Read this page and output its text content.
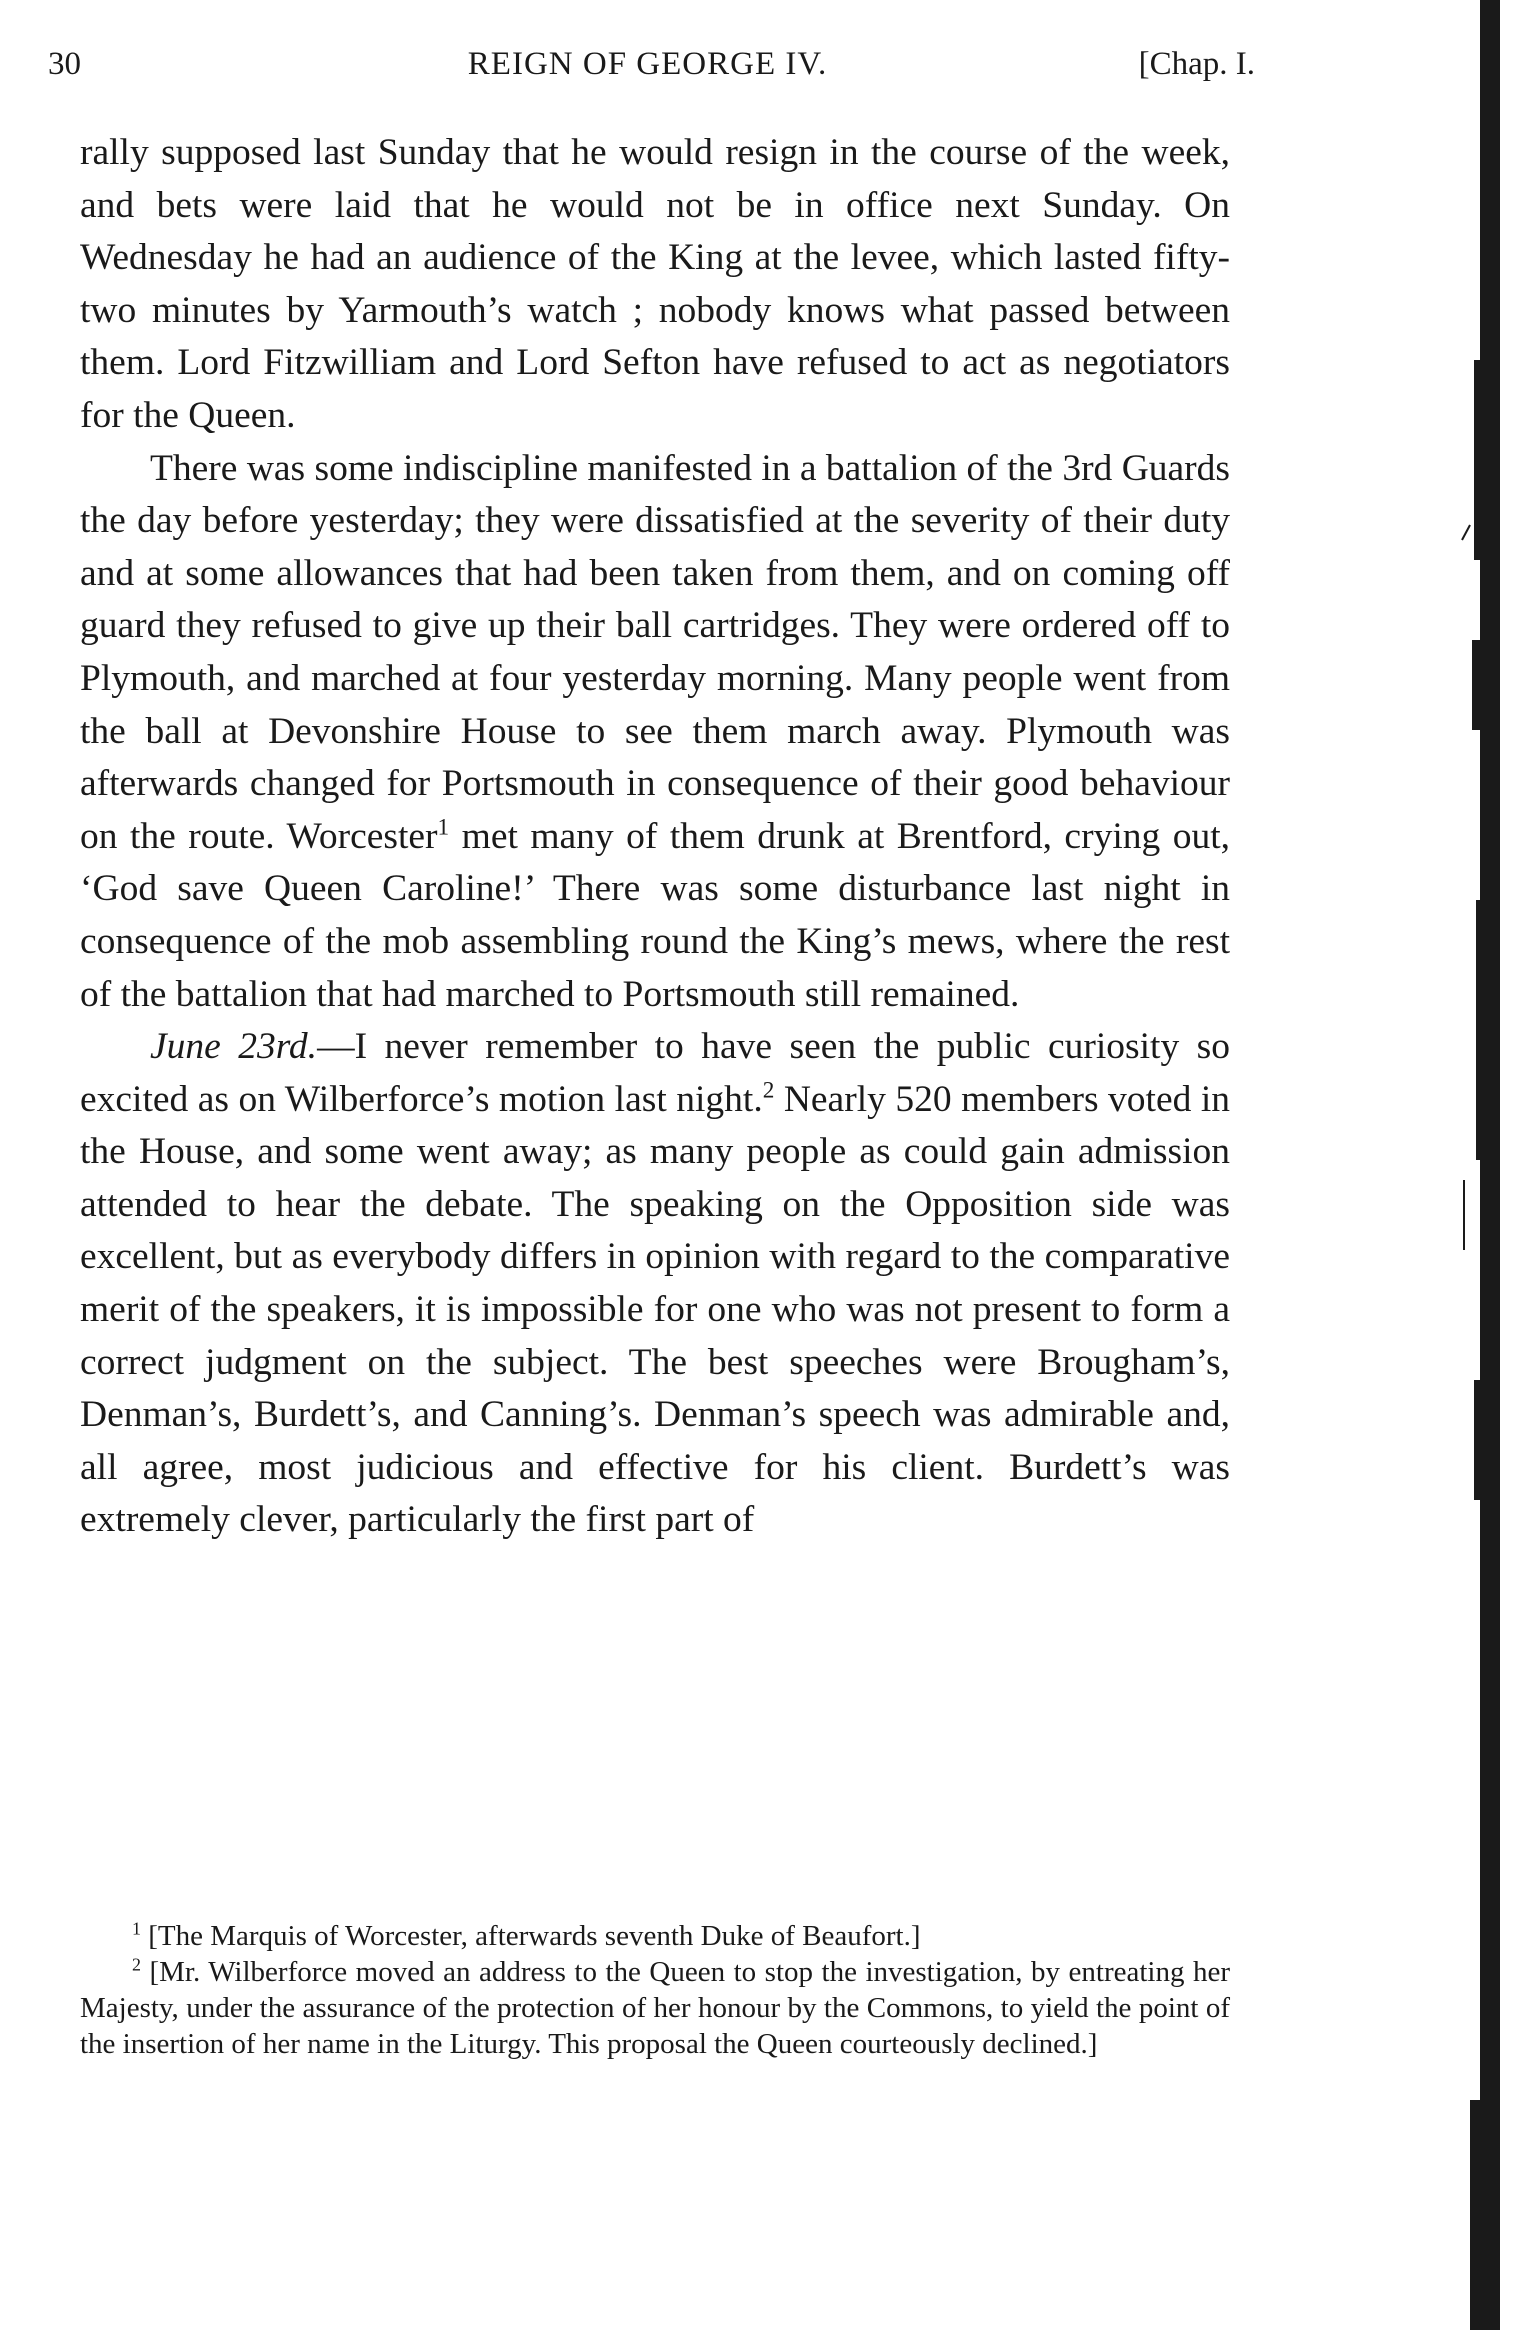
30	REIGN OF GEORGE IV.	[Chap. I.

rally supposed last Sunday that he would resign in the course of the week, and bets were laid that he would not be in office next Sunday. On Wednesday he had an audience of the King at the levee, which lasted fifty-two minutes by Yarmouth’s watch ; nobody knows what passed between them. Lord Fitzwilliam and Lord Sefton have refused to act as negotiators for the Queen.

There was some indiscipline manifested in a battalion of the 3rd Guards the day before yesterday; they were dissatisfied at the severity of their duty and at some allowances that had been taken from them, and on coming off guard they refused to give up their ball cartridges. They were ordered off to Plymouth, and marched at four yesterday morning. Many people went from the ball at Devonshire House to see them march away. Plymouth was afterwards changed for Portsmouth in consequence of their good behaviour on the route. Worcester$^1$ met many of them drunk at Brentford, crying out, ‘God save Queen Caroline!’ There was some disturbance last night in consequence of the mob assembling round the King’s mews, where the rest of the battalion that had marched to Portsmouth still remained.

June 23rd.—I never remember to have seen the public curiosity so excited as on Wilberforce’s motion last night.$^2$ Nearly 520 members voted in the House, and some went away; as many people as could gain admission attended to hear the debate. The speaking on the Opposition side was excellent, but as everybody differs in opinion with regard to the comparative merit of the speakers, it is impossible for one who was not present to form a correct judgment on the subject. The best speeches were Brougham’s, Denman’s, Burdett’s, and Canning’s. Denman’s speech was admirable and, all agree, most judicious and effective for his client. Burdett’s was extremely clever, particularly the first part of

$^1$ [The Marquis of Worcester, afterwards seventh Duke of Beaufort.]

$^2$ [Mr. Wilberforce moved an address to the Queen to stop the investigation, by entreating her Majesty, under the assurance of the protection of her honour by the Commons, to yield the point of the insertion of her name in the Liturgy. This proposal the Queen courteously declined.]
